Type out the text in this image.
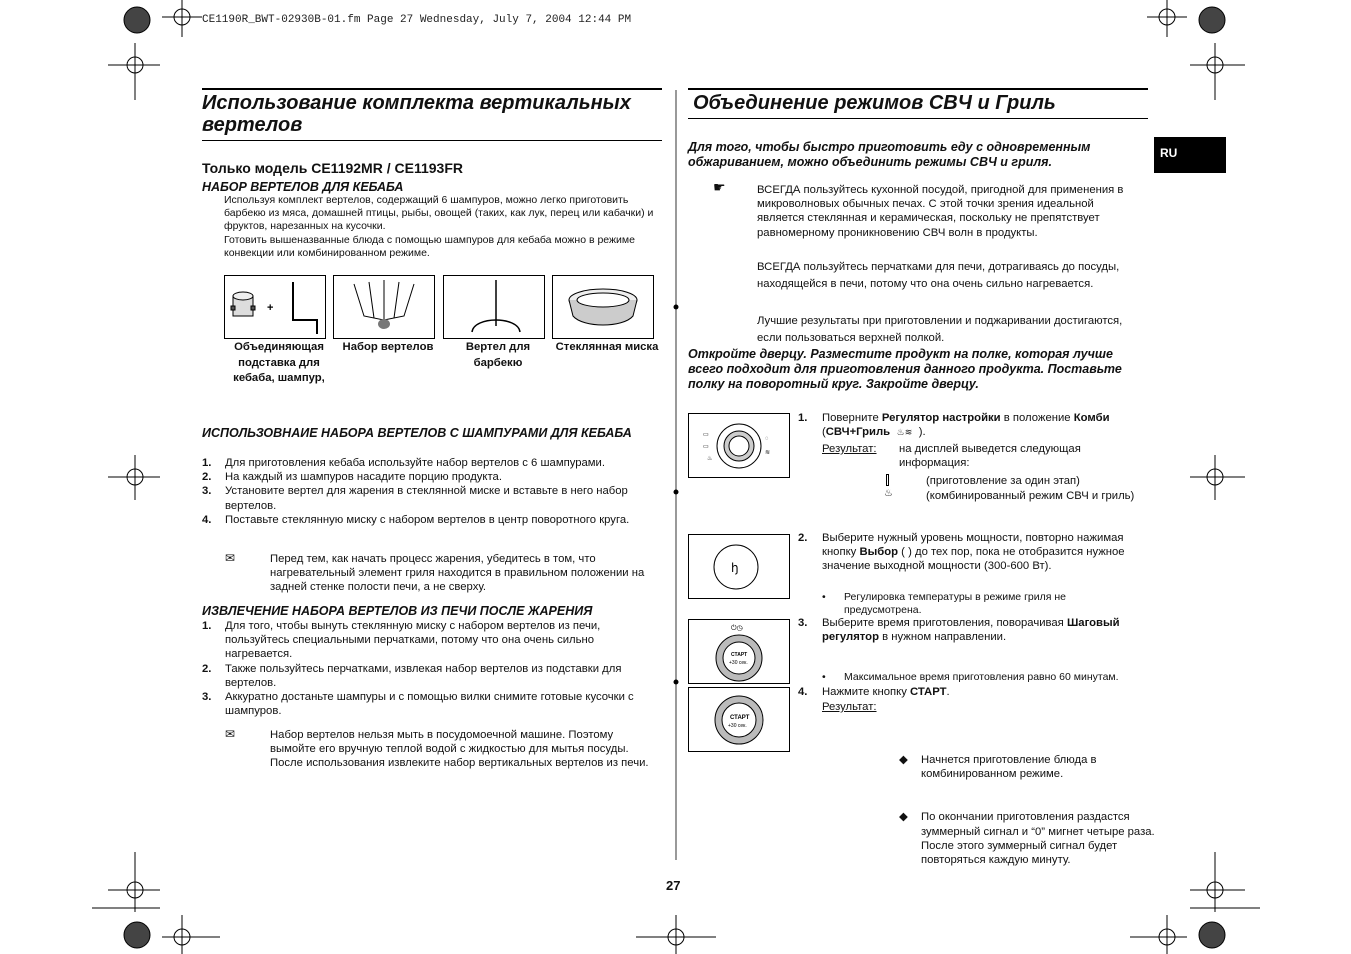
CE1190R_BWT-02930B-01.fm Page 27 Wednesday, July 7, 2004 12:44 PM
Использование комплекта вертикальных вертелов
Только модель CE1192MR / CE1193FR
НАБОР ВЕРТЕЛОВ ДЛЯ КЕБАБА
Используя комплект вертелов, содержащий 6 шампуров, можно легко приготовить барбекю из мяса, домашней птицы, рыбы, овощей (таких, как лук, перец или кабачки) и фруктов, нарезанных на кусочки.
Готовить вышеназванные блюда с помощью шампуров для кебаба можно в режиме конвекции или комбинированном режиме.
+
Объединяющая подставка для кебаба, шампур,
Набор вертелов	Вертел для барбекю
Стеклянная миска
ИСПОЛЬЗОВНАИЕ НАБОРА ВЕРТЕЛОВ С ШАМПУРАМИ ДЛЯ КЕБАБА
1. Для приготовления кебаба используйте набор вертелов с 6 шампурами.
2. На каждый из шампуров насадите порцию продукта.
3. Установите вертел для жарения в стеклянной миске и вставьте в него набор вертелов.
4. Поставьте стеклянную миску с набором вертелов в центр поворотного круга.
✉	Перед тем, как начать процесс жарения, убедитесь в том, что нагревательный элемент гриля находится в правильном положении на задней стенке полости печи, а не сверху.
ИЗВЛЕЧЕНИЕ НАБОРА ВЕРТЕЛОВ ИЗ ПЕЧИ ПОСЛЕ ЖАРЕНИЯ
1. Для того, чтобы вынуть стеклянную миску с набором вертелов из печи, пользуйтесь специальными перчатками, потому что она очень сильно нагревается.
2. Также пользуйтесь перчатками, извлекая набор вертелов из подставки для вертелов.
3. Аккуратно достаньте шампуры и с помощью вилки снимите готовые кусочки с шампуров.
✉	Набор вертелов нельзя мыть в посудомоечной машине. Поэтому вымойте его вручную теплой водой с жидкостью для мытья посуды. После использования извлеките набор вертикальных вертелов из печи.
Объединение режимов СВЧ и Гриль
RU
Для того, чтобы быстро приготовить еду с одновременным обжариванием, можно объединить режимы СВЧ и гриля.
☛	ВСЕГДА пользуйтесь кухонной посудой, пригодной для применения в микроволновых обычных печах. С этой точки зрения идеальной является стеклянная и керамическая, поскольку не препятствует равномерному проникновению СВЧ волн в продукты.
ВСЕГДА пользуйтесь перчатками для печи, дотрагиваясь до посуды, находящейся в печи, потому что она очень сильно нагревается.
Лучшие результаты при приготовлении и поджаривании достигаются, если пользоваться верхней полкой.
Откройте дверцу. Разместите продукт на полке, которая лучше всего подходит для приготовления данного продукта. Поставьте полку на поворотный круг. Закройте дверцу.
▭
▭
◌
≋
♨
1. Поверните Регулятор настройки в положение Комби
(СВЧ+Гриль ♨≋ ).
Результат: на дисплей выведется следующая информация:
(приготовление за один этап)
♨	(комбинированный режим СВЧ и гриль)
ꜧ
2. Выберите нужный уровень мощности, повторно нажимая кнопку Выбор ( ) до тех пор, пока не отобразится нужное значение выходной мощности (300-600 Вт).
• Регулировка температуры в режиме гриля не предусмотрена.
⏻◷
СТАРТ
+30 сек.
3. Выберите время приготовления, поворачивая Шаговый регулятор в нужном направлении.
• Максимальное время приготовления равно 60 минутам.
СТАРТ
+30 сек.
4. Нажмите кнопку СТАРТ.
Результат:
◆ Начнется приготовление блюда в комбинированном режиме.
◆ По окончании приготовления раздастся зуммерный сигнал и “0” мигнет четыре раза. После этого зуммерный сигнал будет повторяться каждую минуту.
27
